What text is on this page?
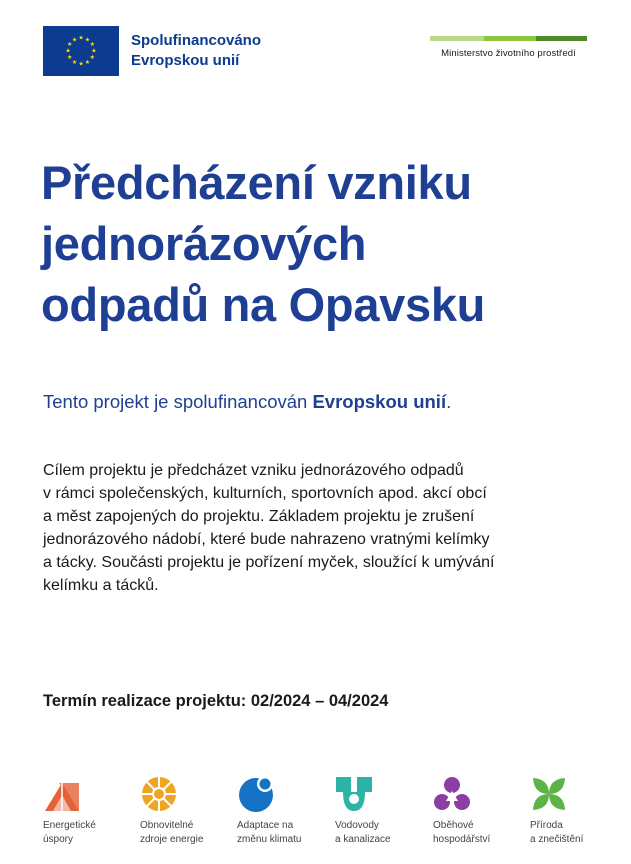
★ ★
★
★
★
★
★
★
★
★
★
★	Spolufinancováno
Evropskou unií	Ministerstvo životního prostředí
Předcházení vzniku
jednorázových
odpadů na Opavsku

Tento projekt je spolufinancován Evropskou unií.

Cílem projektu je předcházet vzniku jednorázového odpadů
v rámci společenských, kulturních, sportovních apod. akcí obcí
a měst zapojených do projektu. Základem projektu je zrušení
jednorázového nádobí, které bude nahrazeno vratnými kelímky
a tácky. Součásti projektu je pořízení myček, sloužící k umývání
kelímku a tácků.

Termín realizace projektu: 02/2024 – 04/2024

Energetické
úspory
Obnovitelné
zdroje energie
Adaptace na
změnu klimatu
Vodovody
a kanalizace
Oběhové
hospodářství
Příroda
a znečištění
